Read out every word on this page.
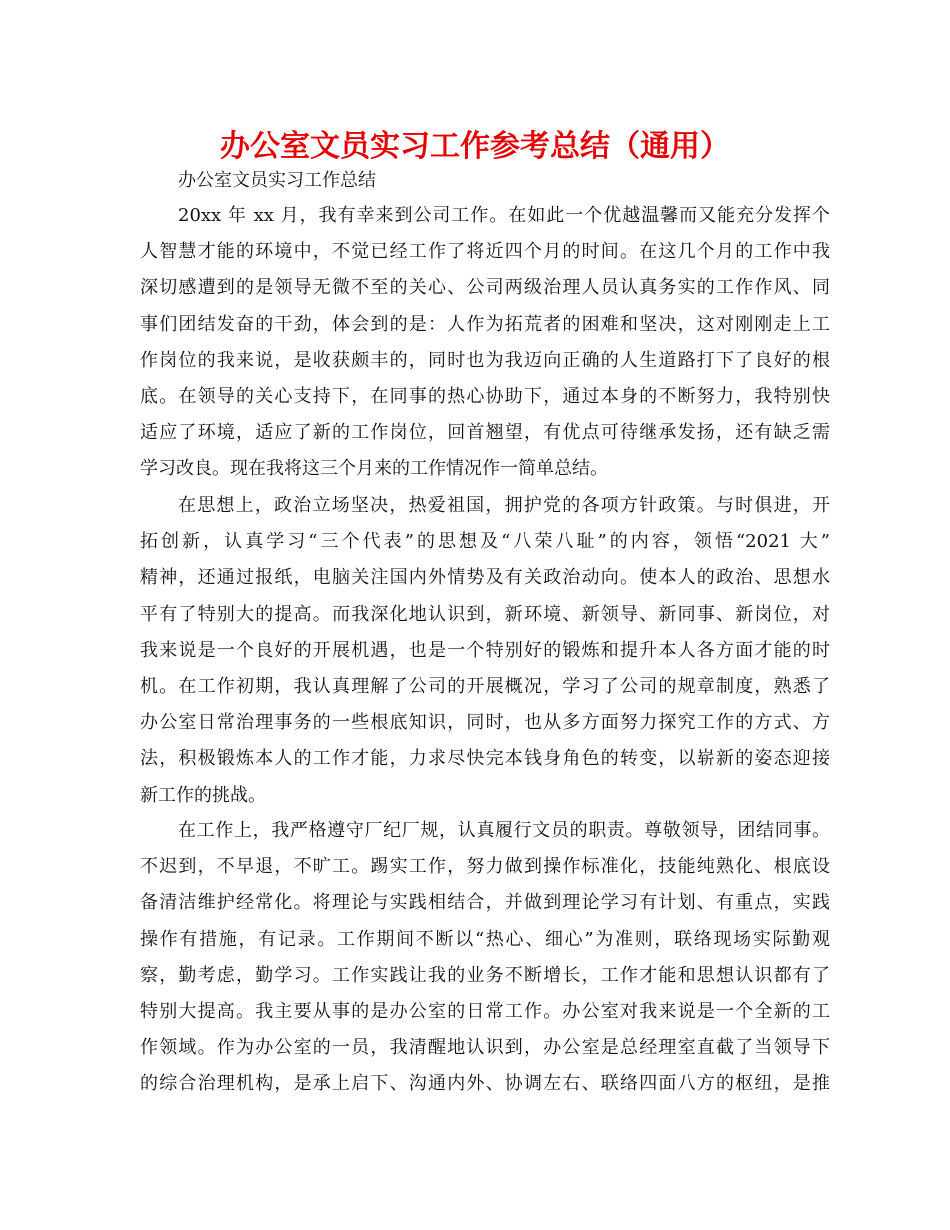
办公室文员实习工作参考总结（通用）
办公室文员实习工作总结
20xx 年 xx 月，我有幸来到公司工作。在如此一个优越温馨而又能充分发挥个
人智慧才能的环境中，不觉已经工作了将近四个月的时间。在这几个月的工作中我
深切感遭到的是领导无微不至的关心、公司两级治理人员认真务实的工作作风、同
事们团结发奋的干劲，体会到的是：人作为拓荒者的困难和坚决，这对刚刚走上工
作岗位的我来说，是收获颇丰的，同时也为我迈向正确的人生道路打下了良好的根
底。在领导的关心支持下，在同事的热心协助下，通过本身的不断努力，我特别快
适应了环境，适应了新的工作岗位，回首翘望，有优点可待继承发扬，还有缺乏需
学习改良。现在我将这三个月来的工作情况作一简单总结。
在思想上，政治立场坚决，热爱祖国，拥护党的各项方针政策。与时俱进，开
拓创新，认真学习“三个代表”的思想及“八荣八耻”的内容，领悟“2021 大”
精神，还通过报纸，电脑关注国内外情势及有关政治动向。使本人的政治、思想水
平有了特别大的提高。而我深化地认识到，新环境、新领导、新同事、新岗位，对
我来说是一个良好的开展机遇，也是一个特别好的锻炼和提升本人各方面才能的时
机。在工作初期，我认真理解了公司的开展概况，学习了公司的规章制度，熟悉了
办公室日常治理事务的一些根底知识，同时，也从多方面努力探究工作的方式、方
法，积极锻炼本人的工作才能，力求尽快完本钱身角色的转变，以崭新的姿态迎接
新工作的挑战。
在工作上，我严格遵守厂纪厂规，认真履行文员的职责。尊敬领导，团结同事。
不迟到，不早退，不旷工。踢实工作，努力做到操作标准化，技能纯熟化、根底设
备清洁维护经常化。将理论与实践相结合，并做到理论学习有计划、有重点，实践
操作有措施，有记录。工作期间不断以“热心、细心”为准则，联络现场实际勤观
察，勤考虑，勤学习。工作实践让我的业务不断增长，工作才能和思想认识都有了
特别大提高。我主要从事的是办公室的日常工作。办公室对我来说是一个全新的工
作领域。作为办公室的一员，我清醒地认识到，办公室是总经理室直截了当领导下
的综合治理机构，是承上启下、沟通内外、协调左右、联络四面八方的枢纽，是推
